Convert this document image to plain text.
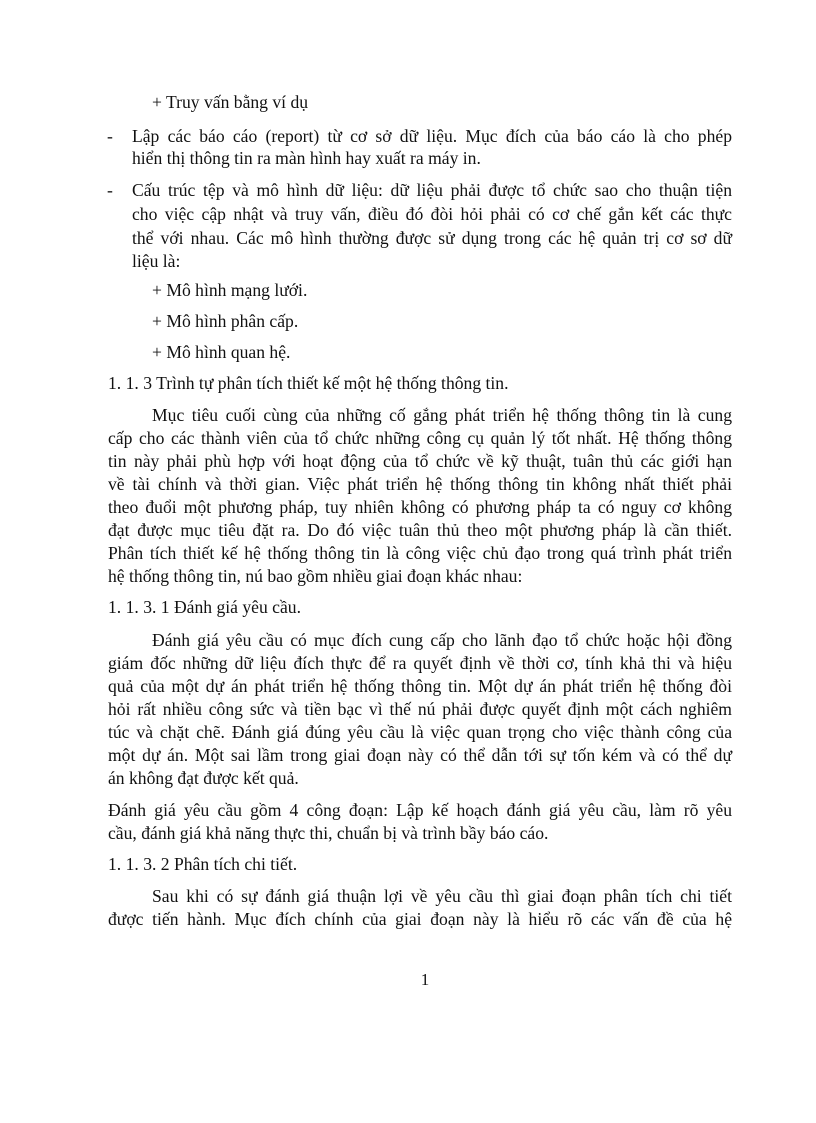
+ Truy vấn bằng ví dụ
- Lập các báo cáo (report) từ cơ sở dữ liệu. Mục đích của báo cáo là cho phép
hiển thị thông tin ra màn hình hay xuất ra máy in.
- Cấu trúc tệp và mô hình dữ liệu: dữ liệu phải được tổ chức sao cho thuận tiện
cho việc cập nhật và truy vấn, điều đó đòi hỏi phải có cơ chế gắn kết các thực
thể với nhau. Các mô hình thường được sử dụng trong các hệ quản trị cơ sơ dữ
liệu là:
+ Mô hình mạng lưới.
+ Mô hình phân cấp.
+ Mô hình quan hệ.
1. 1. 3 Trình tự phân tích thiết kế một hệ thống thông tin.
Mục tiêu cuối cùng của những cố gắng phát triển hệ thống thông tin là cung
cấp cho các thành viên của tổ chức những công cụ quản lý tốt nhất. Hệ thống thông
tin này phải phù hợp với hoạt động của tổ chức về kỹ thuật, tuân thủ các giới hạn
về tài chính và thời gian. Việc phát triển hệ thống thông tin không nhất thiết phải
theo đuổi một phương pháp, tuy nhiên không có phương pháp ta có nguy cơ không
đạt được mục tiêu đặt ra. Do đó việc tuân thủ theo một phương pháp là cần thiết.
Phân tích thiết kế hệ thống thông tin là công việc chủ đạo trong quá trình phát triển
hệ thống thông tin, nú bao gồm nhiều giai đoạn khác nhau:
1. 1. 3. 1 Đánh giá yêu cầu.
Đánh giá yêu cầu có mục đích cung cấp cho lãnh đạo tổ chức hoặc hội đồng
giám đốc những dữ liệu đích thực để ra quyết định về thời cơ, tính khả thi và hiệu
quả của một dự án phát triển hệ thống thông tin. Một dự án phát triển hệ thống đòi
hỏi rất nhiều công sức và tiền bạc vì thế nú phải được quyết định một cách nghiêm
túc và chặt chẽ. Đánh giá đúng yêu cầu là việc quan trọng cho việc thành công của
một dự án. Một sai lầm trong giai đoạn này có thể dẫn tới sự tốn kém và có thể dự
án không đạt được kết quả.
Đánh giá yêu cầu gồm 4 công đoạn: Lập kế hoạch đánh giá yêu cầu, làm rõ yêu
cầu, đánh giá khả năng thực thi, chuẩn bị và trình bầy báo cáo.
1. 1. 3. 2 Phân tích chi tiết.
Sau khi có sự đánh giá thuận lợi về yêu cầu thì giai đoạn phân tích chi tiết
được tiến hành. Mục đích chính của giai đoạn này là hiểu rõ các vấn đề của hệ
1
